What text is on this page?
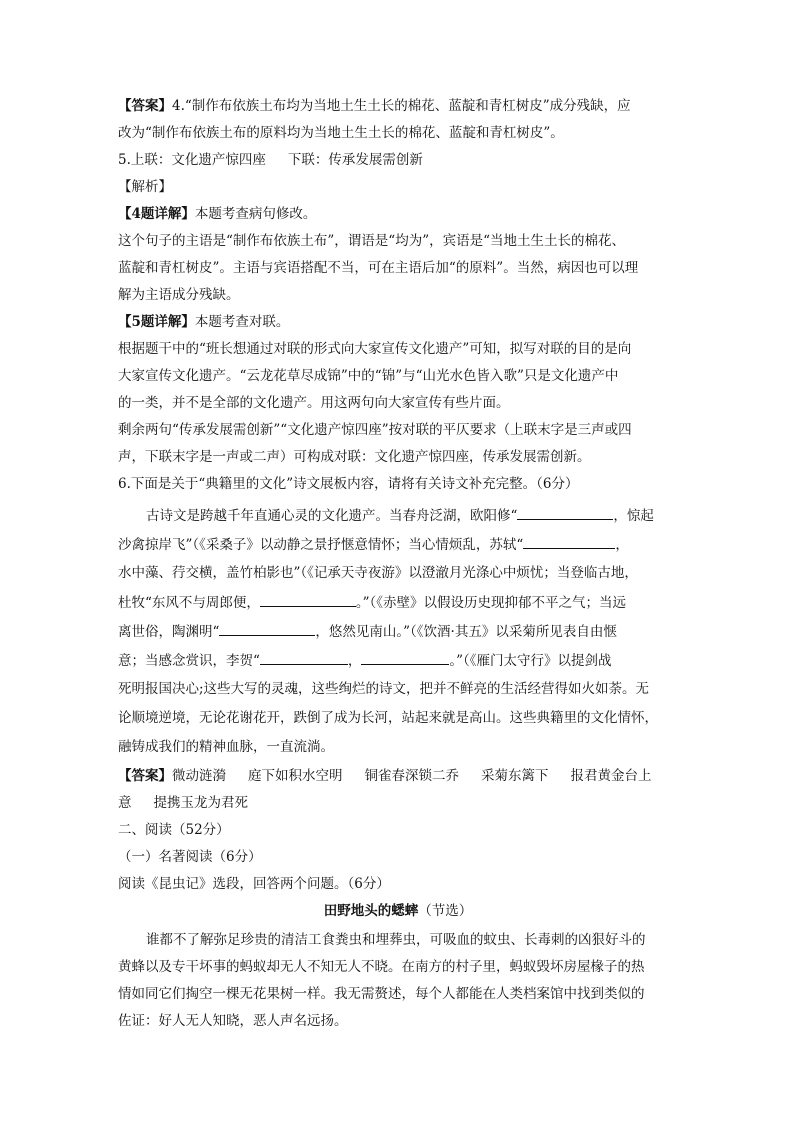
【答案】4.“制作布依族土布均为当地土生土长的棉花、蓝靛和青杠树皮”成分残缺，应
改为“制作布依族土布的原料均为当地土生土长的棉花、蓝靛和青杠树皮”。
5.上联：文化遗产惊四座 下联：传承发展需创新
【解析】
【4题详解】本题考查病句修改。
这个句子的主语是“制作布依族土布”，谓语是“均为”，宾语是“当地土生土长的棉花、
蓝靛和青杠树皮”。主语与宾语搭配不当，可在主语后加“的原料”。当然，病因也可以理
解为主语成分残缺。
【5题详解】本题考查对联。
根据题干中的“班长想通过对联的形式向大家宣传文化遗产”可知，拟写对联的目的是向
大家宣传文化遗产。“云龙花草尽成锦”中的“锦”与“山光水色皆入歌”只是文化遗产中
的一类，并不是全部的文化遗产。用这两句向大家宣传有些片面。
剩余两句“传承发展需创新”“文化遗产惊四座”按对联的平仄要求（上联末字是三声或四
声，下联末字是一声或二声）可构成对联：文化遗产惊四座，传承发展需创新。
6.下面是关于“典籍里的文化”诗文展板内容，请将有关诗文补充完整。（6分）
古诗文是跨越千年直通心灵的文化遗产。当春舟泛湖，欧阳修“	，惊起
沙禽掠岸飞”（《采桑子》以动静之景抒惬意情怀；当心情烦乱，苏轼“	，
水中藻、荇交横，盖竹柏影也”（《记承天寺夜游》以澄澈月光涤心中烦忧；当登临古地，
杜牧“东风不与周郎便，	。”（《赤壁》以假设历史现抑郁不平之气；当远
离世俗，陶渊明“	，悠然见南山。”（《饮酒·其五》以采菊所见表自由惬
意；当感念赏识，李贺“	，	。”（《雁门太守行》以提剑战
死明报国决心;这些大写的灵魂，这些绚烂的诗文，把并不鲜亮的生活经营得如火如荼。无
论顺境逆境，无论花谢花开，跌倒了成为长河，站起来就是高山。这些典籍里的文化情怀，
融铸成我们的精神血脉，一直流淌。
【答案】微动涟漪 庭下如积水空明 铜雀春深锁二乔 采菊东篱下 报君黄金台上
意 提携玉龙为君死
二、阅读（52分）
（一）名著阅读（6分）
阅读《昆虫记》选段，回答两个问题。（6分）
田野地头的蟋蟀（节选）
谁都不了解弥足珍贵的清洁工食粪虫和埋葬虫，可吸血的蚊虫、长毒刺的凶狠好斗的
黄蜂以及专干坏事的蚂蚁却无人不知无人不晓。在南方的村子里，蚂蚁毁坏房屋椽子的热
情如同它们掏空一棵无花果树一样。我无需赘述，每个人都能在人类档案馆中找到类似的
佐证：好人无人知晓，恶人声名远扬。
